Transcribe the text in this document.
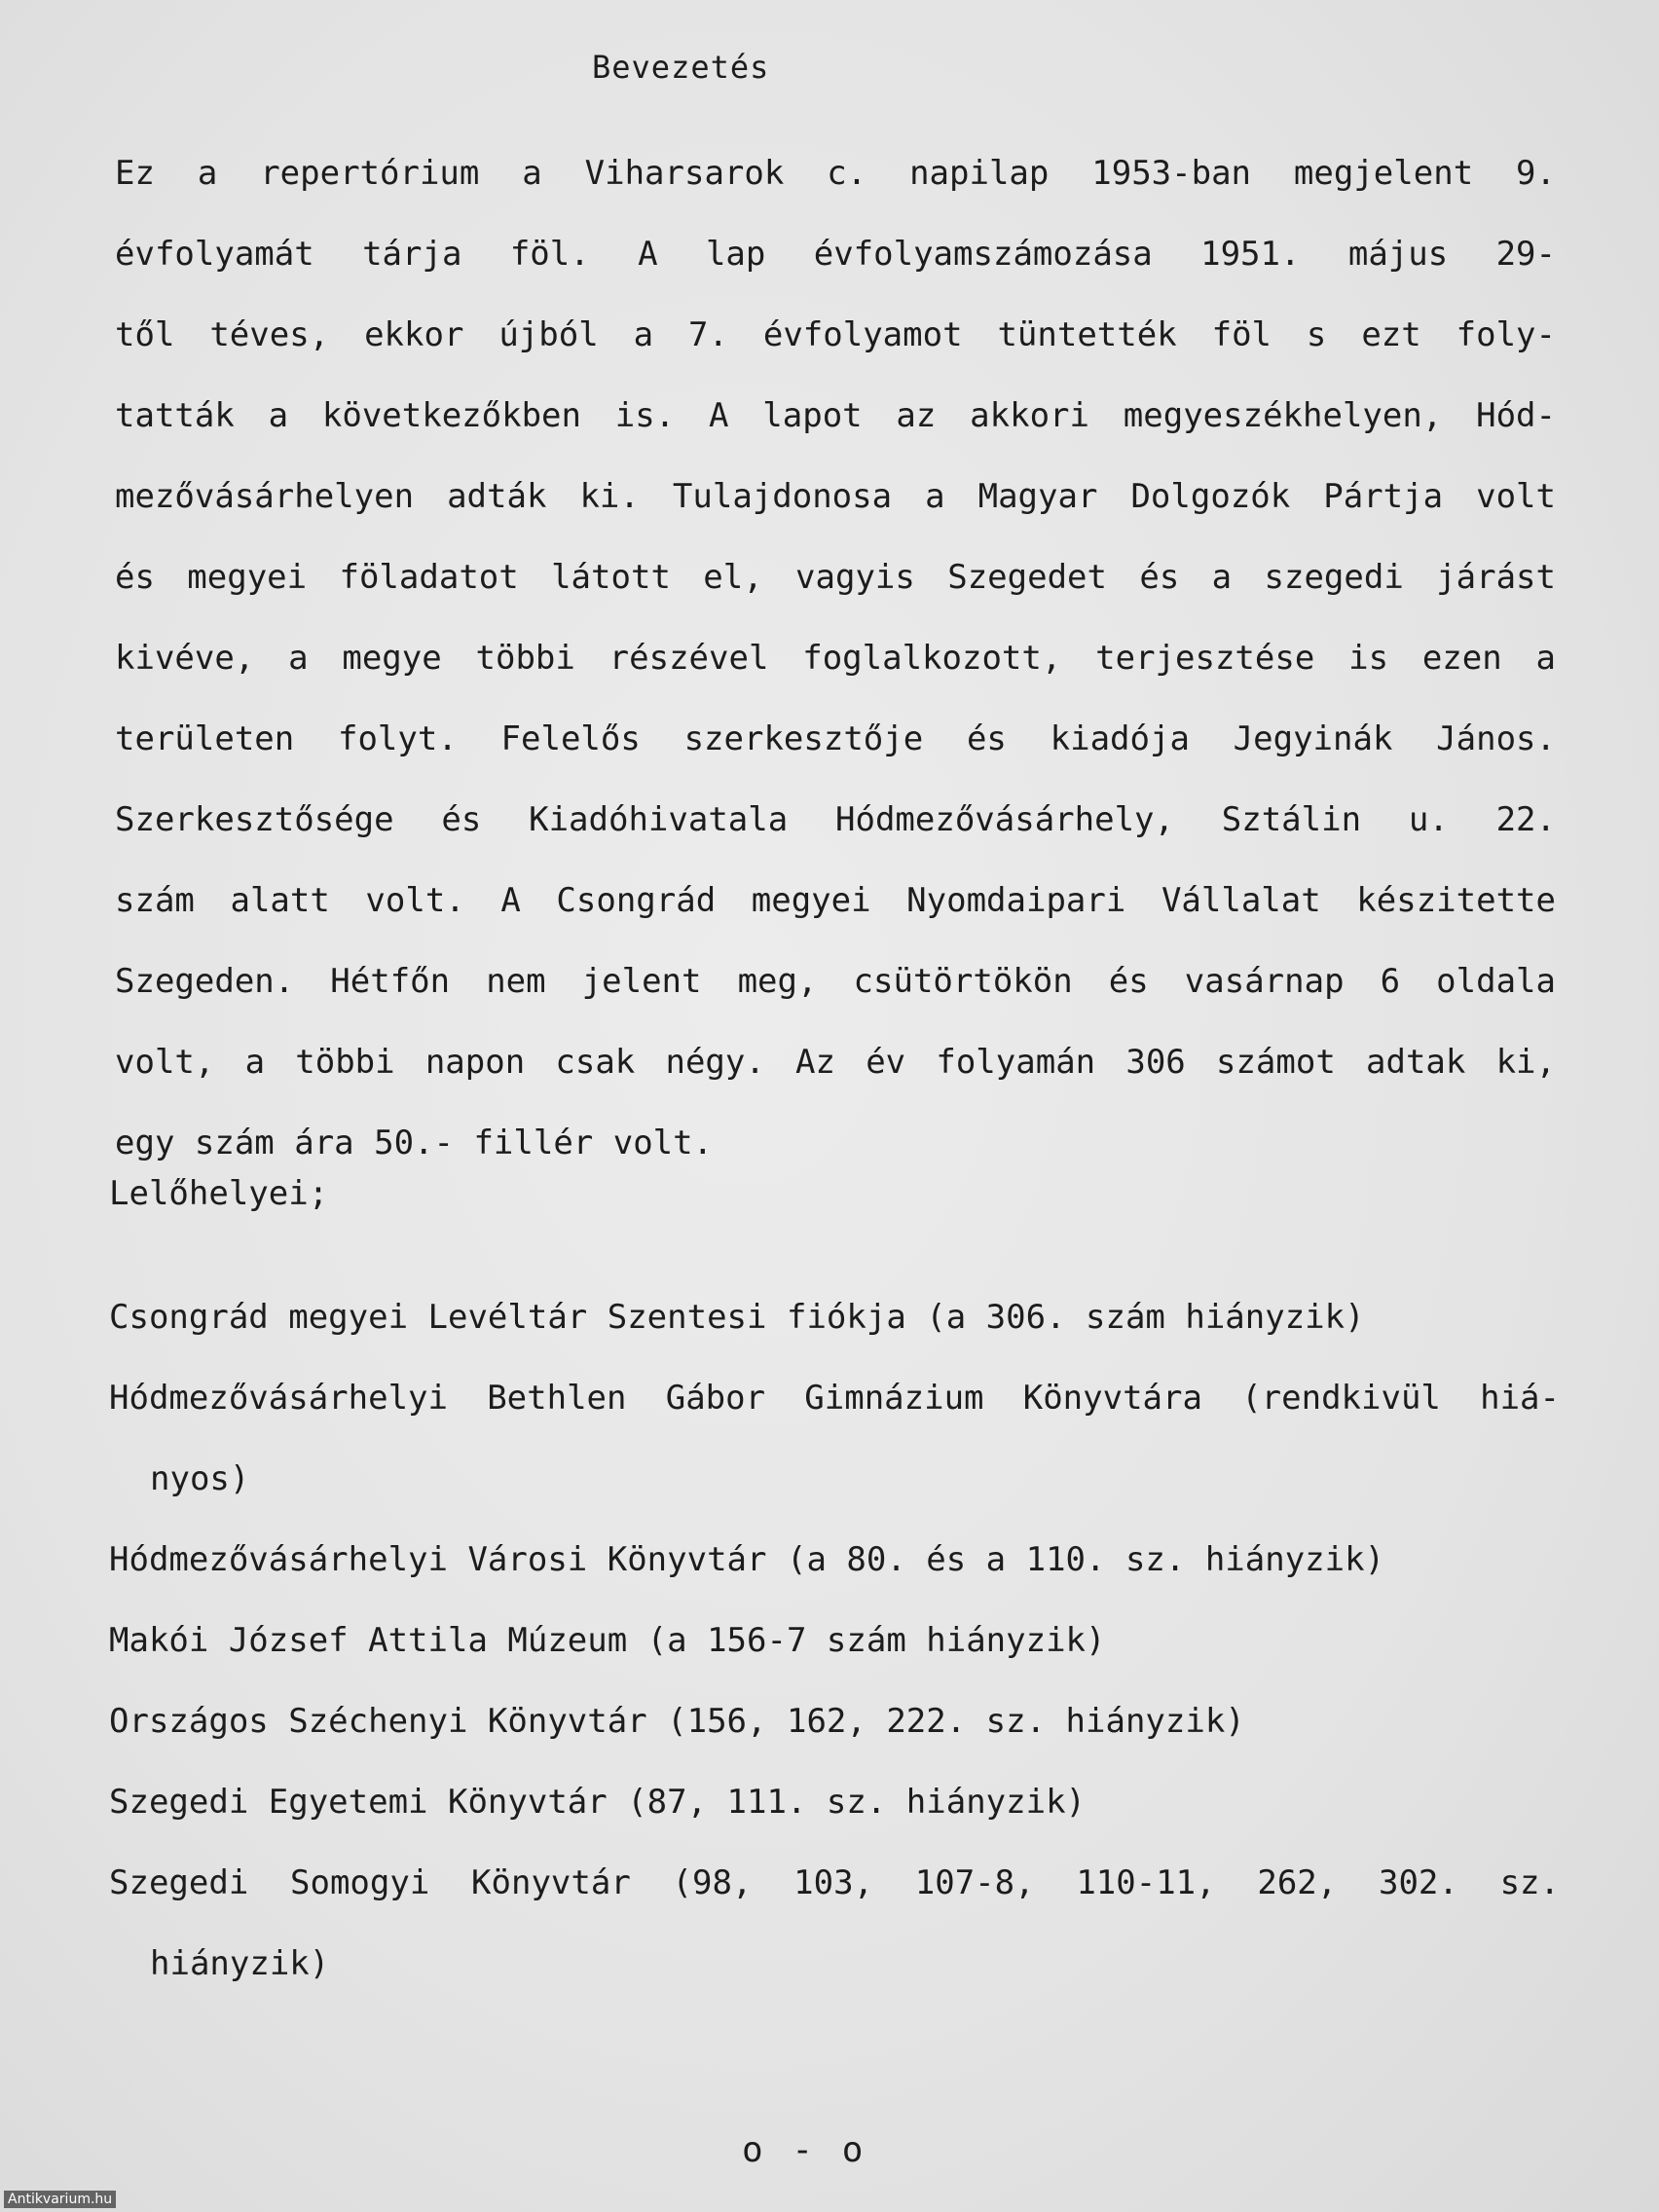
Bevezetés
Ez a repertórium a Viharsarok c. napilap 1953-ban megjelent 9.
évfolyamát tárja föl. A lap évfolyamszámozása 1951. május 29-
től téves, ekkor újból a 7. évfolyamot tüntették föl s ezt foly-
tatták a következőkben is. A lapot az akkori megyeszékhelyen, Hód-
mezővásárhelyen adták ki. Tulajdonosa a Magyar Dolgozók Pártja volt
és megyei föladatot látott el, vagyis Szegedet és a szegedi járást
kivéve, a megye többi részével foglalkozott, terjesztése is ezen a
területen folyt. Felelős szerkesztője és kiadója Jegyinák János.
Szerkesztősége és Kiadóhivatala Hódmezővásárhely, Sztálin u. 22.
szám alatt volt. A Csongrád megyei Nyomdaipari Vállalat készitette
Szegeden. Hétfőn nem jelent meg, csütörtökön és vasárnap 6 oldala
volt, a többi napon csak négy. Az év folyamán 306 számot adtak ki,
egy szám ára 50.- fillér volt.
Lelőhelyei;
Csongrád megyei Levéltár Szentesi fiókja (a 306. szám hiányzik)
Hódmezővásárhelyi Bethlen Gábor Gimnázium Könyvtára (rendkivül hiá-
nyos)
Hódmezővásárhelyi Városi Könyvtár (a 80. és a 110. sz. hiányzik)
Makói József Attila Múzeum (a 156-7 szám hiányzik)
Országos Széchenyi Könyvtár (156, 162, 222. sz. hiányzik)
Szegedi Egyetemi Könyvtár (87, 111. sz. hiányzik)
Szegedi Somogyi Könyvtár (98, 103, 107-8, 110-11, 262, 302. sz.
hiányzik)
o - o
Antikvarium.hu
